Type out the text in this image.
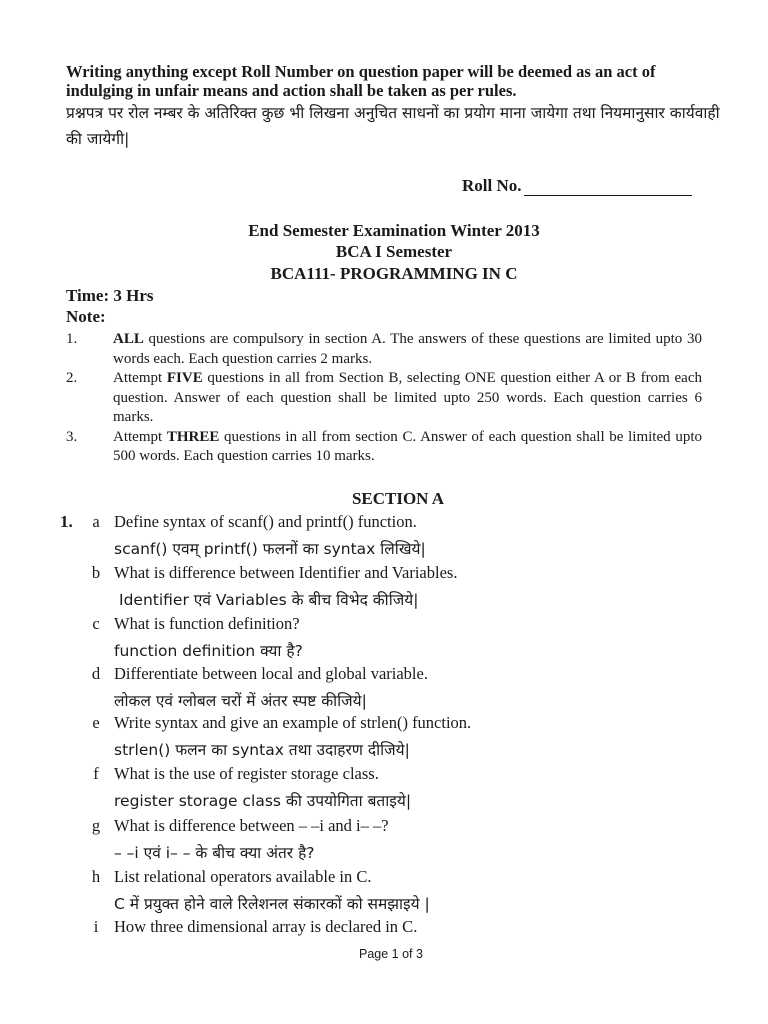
Writing anything except Roll Number on question paper will be deemed as an act of indulging in unfair means and action shall be taken as per rules.
प्रश्नपत्र पर रोल नम्बर के अतिरिक्त कुछ भी लिखना अनुचित साधनों का प्रयोग माना जायेगा तथा नियमानुसार कार्यवाही की जायेगी|
Roll No.
End Semester Examination Winter 2013
BCA I Semester
BCA111- PROGRAMMING IN C
Time: 3 Hrs
Note:
1.	ALL questions are compulsory in section A. The answers of these questions are limited upto 30 words each. Each question carries 2 marks.
2.	Attempt FIVE questions in all from Section B, selecting ONE question either A or B from each question. Answer of each question shall be limited upto 250 words. Each question carries 6 marks.
3.	Attempt THREE questions in all from section C. Answer of each question shall be limited upto 500 words. Each question carries 10 marks.
SECTION A
1.	a Define syntax of scanf() and printf() function.
scanf() एवम् printf() फलनों का syntax लिखिये|
b What is difference between Identifier and Variables.
Identifier एवं Variables के बीच विभेद कीजिये|
c What is function definition?
function definition क्या है?
d Differentiate between local and global variable.
लोकल एवं ग्लोबल चरों में अंतर स्पष्ट कीजिये|
e Write syntax and give an example of strlen() function.
strlen() फलन का syntax तथा उदाहरण दीजिये|
f What is the use of register storage class.
register storage class की उपयोगिता बताइये|
g What is difference between – –i and i– –?
– –i एवं i– – के बीच क्या अंतर है?
h List relational operators available in C.
C में प्रयुक्त होने वाले रिलेशनल संकारकों को समझाइये |
i How three dimensional array is declared in C.
Page 1 of 3
